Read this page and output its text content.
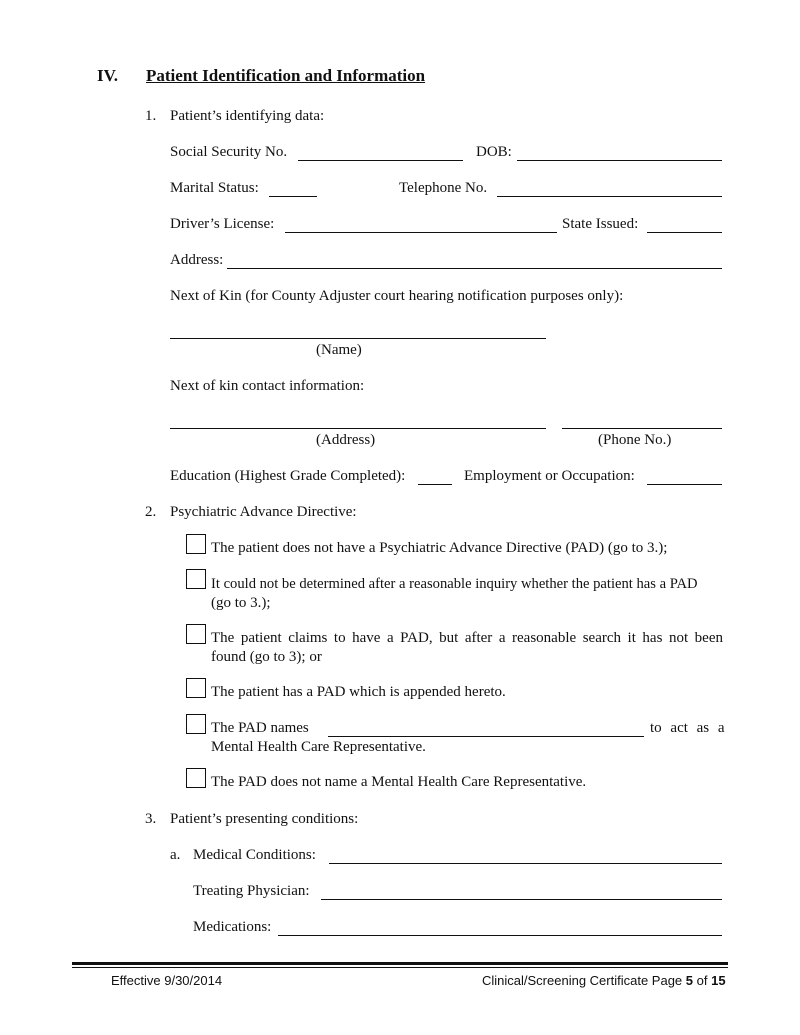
IV. Patient Identification and Information
1. Patient’s identifying data:
Social Security No.	DOB:
Marital Status:	Telephone No.
Driver’s License:	State Issued:
Address:
Next of Kin (for County Adjuster court hearing notification purposes only):
(Name)
Next of kin contact information:
(Address)	(Phone No.)
Education (Highest Grade Completed):	Employment or Occupation:
2. Psychiatric Advance Directive:
The patient does not have a Psychiatric Advance Directive (PAD) (go to 3.);
It could not be determined after a reasonable inquiry whether the patient has a PAD
(go to 3.);
The patient claims to have a PAD, but after a reasonable search it has not been
found (go to 3); or
The patient has a PAD which is appended hereto.
The PAD names	to act as a
Mental Health Care Representative.
The PAD does not name a Mental Health Care Representative.
3. Patient’s presenting conditions:
a. Medical Conditions:
Treating Physician:
Medications:
Effective 9/30/2014	Clinical/Screening Certificate Page 5 of 15
